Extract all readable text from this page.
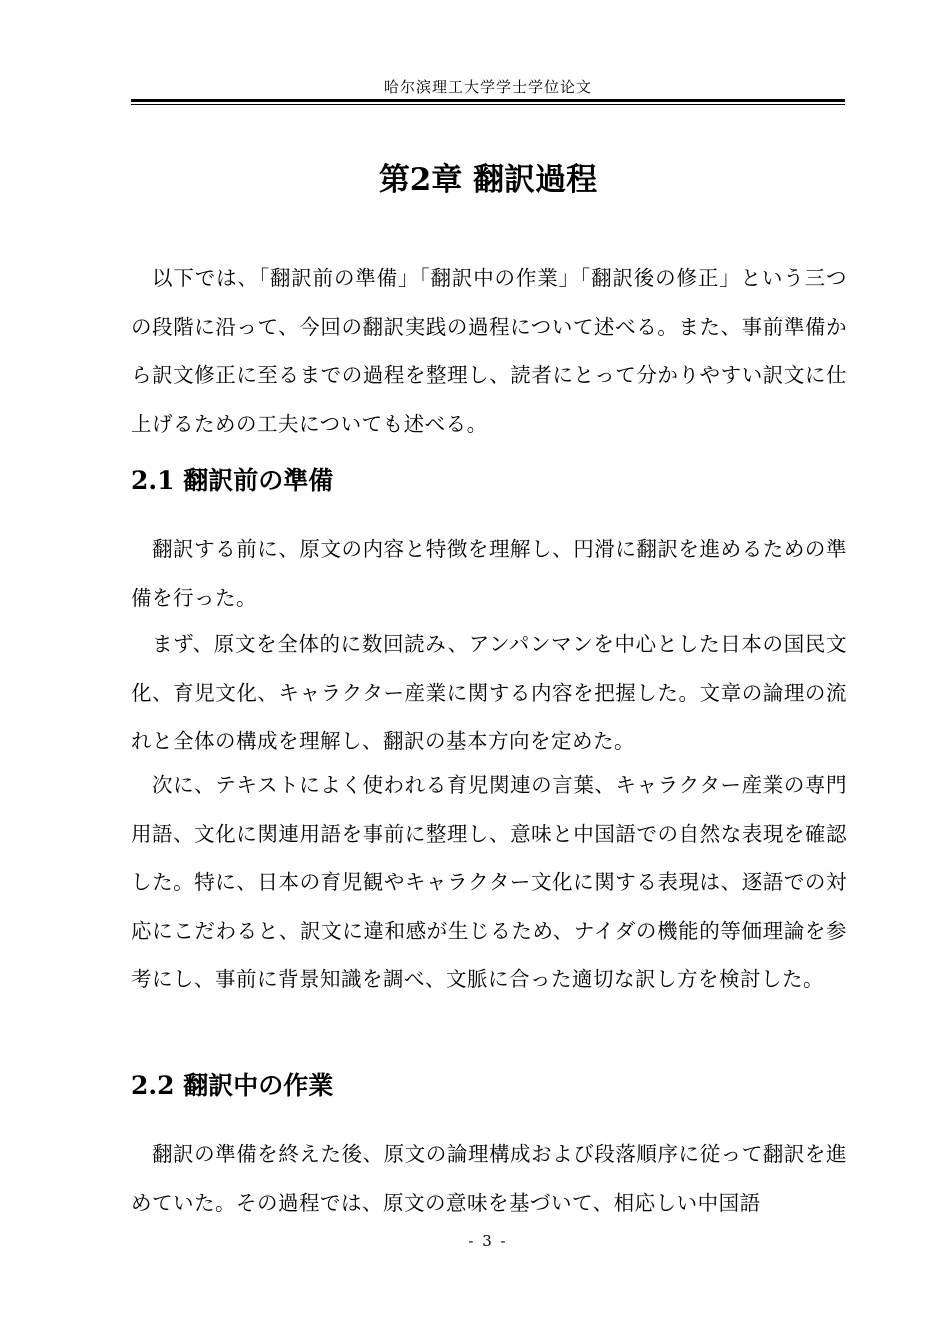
哈尔滨理工大学学士学位论文
第2章 翻訳過程

以下では、「翻訳前の準備」「翻訳中の作業」「翻訳後の修正」という三つの段階に沿って、今回の翻訳実践の過程について述べる。また、事前準備から訳文修正に至るまでの過程を整理し、読者にとって分かりやすい訳文に仕上げるための工夫についても述べる。

2.1 翻訳前の準備

翻訳する前に、原文の内容と特徴を理解し、円滑に翻訳を進めるための準備を行った。

まず、原文を全体的に数回読み、アンパンマンを中心とした日本の国民文化、育児文化、キャラクター産業に関する内容を把握した。文章の論理の流れと全体の構成を理解し、翻訳の基本方向を定めた。

次に、テキストによく使われる育児関連の言葉、キャラクター産業の専門用語、文化に関連用語を事前に整理し、意味と中国語での自然な表現を確認した。特に、日本の育児観やキャラクター文化に関する表現は、逐語での対応にこだわると、訳文に違和感が生じるため、ナイダの機能的等価理論を参考にし、事前に背景知識を調べ、文脈に合った適切な訳し方を検討した。

2.2 翻訳中の作業

翻訳の準備を終えた後、原文の論理構成および段落順序に従って翻訳を進めていた。その過程では、原文の意味を基づいて、相応しい中国語

- 3 -
